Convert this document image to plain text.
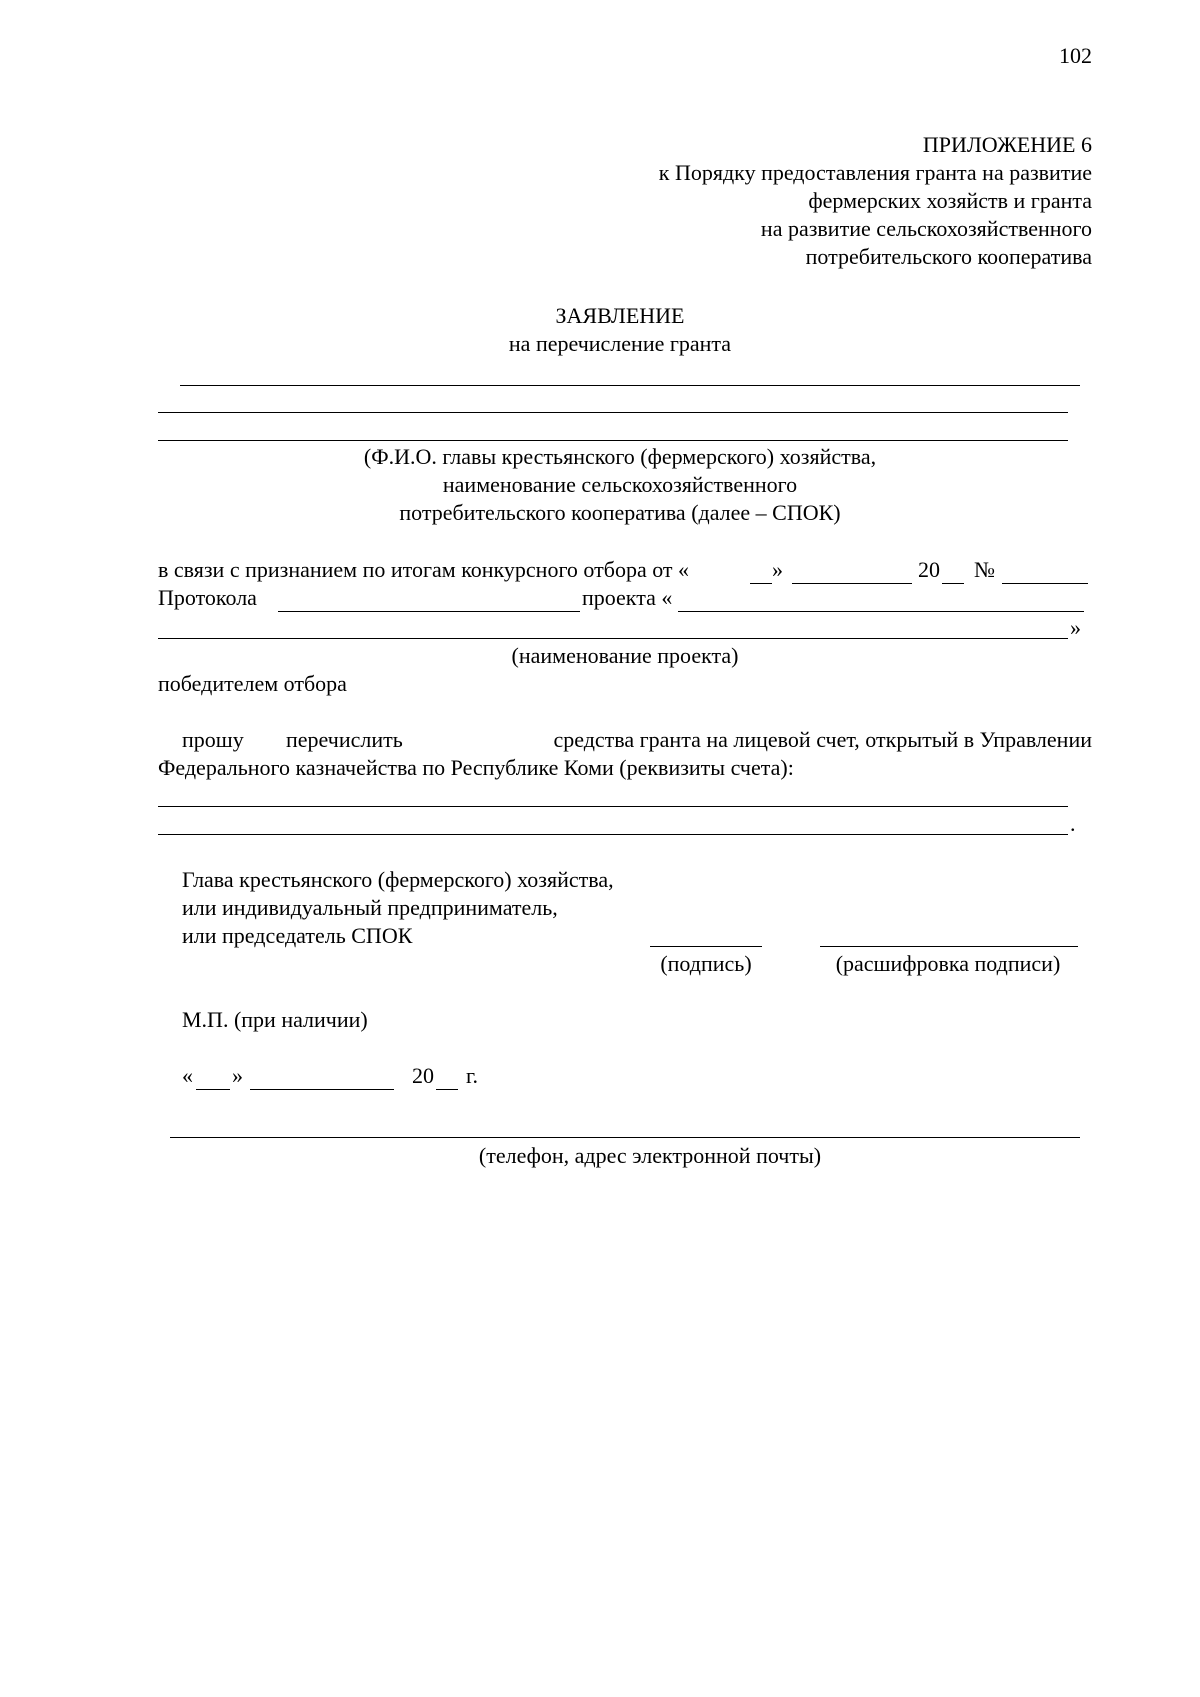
102
ПРИЛОЖЕНИЕ 6
к Порядку предоставления гранта на развитие
фермерских хозяйств и гранта
на развитие сельскохозяйственного
потребительского кооператива
ЗАЯВЛЕНИЕ
на перечисление гранта
(Ф.И.О. главы крестьянского (фермерского) хозяйства,
наименование сельскохозяйственного
потребительского кооператива (далее – СПОК)
в связи с признанием по итогам конкурсного отбора от «	»	20 №
Протокола	проекта «
»
(наименование проекта)
победителем отбора
прошу перечислить	средства гранта на лицевой счет, открытый в Управлении
Федерального казначейства по Республике Коми (реквизиты счета):
.
Глава крестьянского (фермерского) хозяйства,
или индивидуальный предприниматель,
или председатель СПОК
(подпись)	(расшифровка подписи)
М.П. (при наличии)
« »	20 г.
(телефон, адрес электронной почты)
